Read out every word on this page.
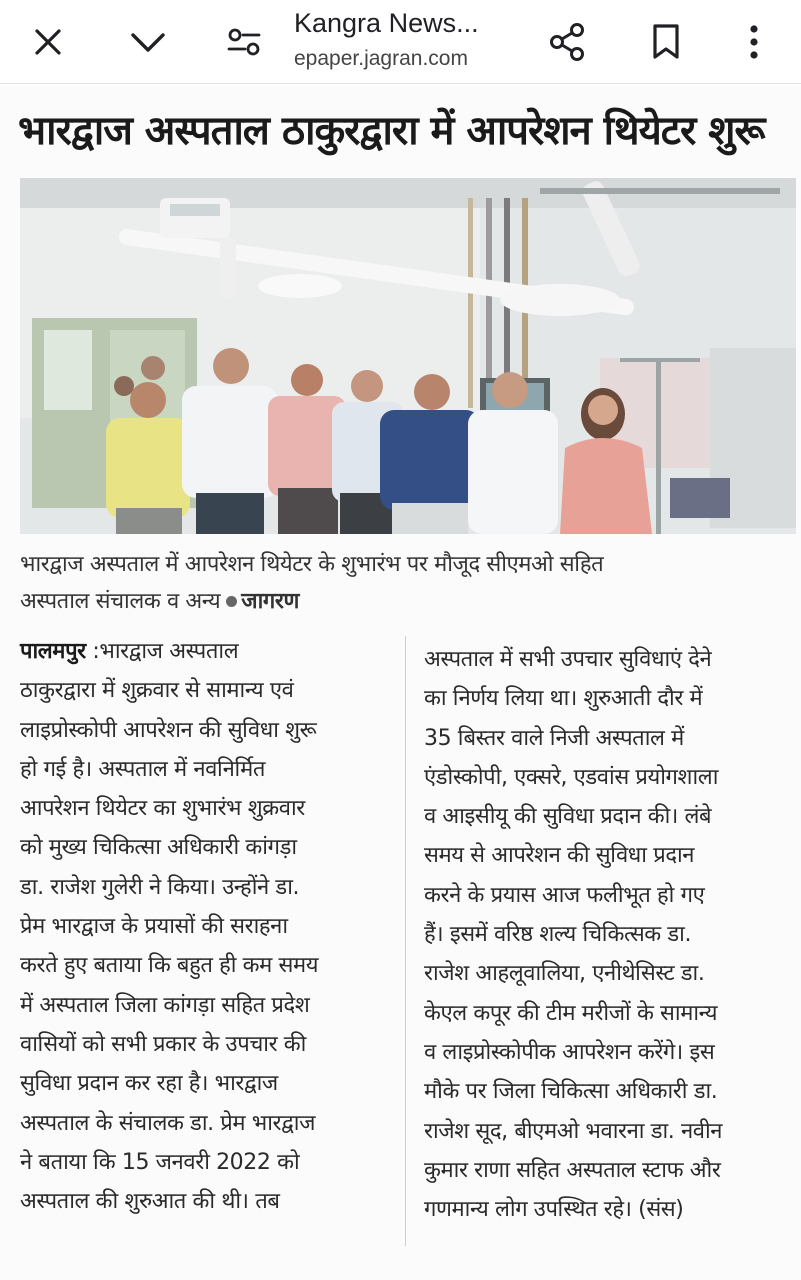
Kangra News...
epaper.jagran.com
भारद्वाज अस्पताल ठाकुरद्वारा में आपरेशन थियेटर शुरू
भारद्वाज अस्पताल में आपरेशन थियेटर के शुभारंभ पर मौजूद सीएमओ सहित
अस्पताल संचालक व अन्य जागरण
पालमपुर :भारद्वाज अस्पताल
ठाकुरद्वारा में शुक्रवार से सामान्य एवं
लाइप्रोस्कोपी आपरेशन की सुविधा शुरू
हो गई है। अस्पताल में नवनिर्मित
आपरेशन थियेटर का शुभारंभ शुक्रवार
को मुख्य चिकित्सा अधिकारी कांगड़ा
डा. राजेश गुलेरी ने किया। उन्होंने डा.
प्रेम भारद्वाज के प्रयासों की सराहना
करते हुए बताया कि बहुत ही कम समय
में अस्पताल जिला कांगड़ा सहित प्रदेश
वासियों को सभी प्रकार के उपचार की
सुविधा प्रदान कर रहा है। भारद्वाज
अस्पताल के संचालक डा. प्रेम भारद्वाज
ने बताया कि 15 जनवरी 2022 को
अस्पताल की शुरुआत की थी। तब
अस्पताल में सभी उपचार सुविधाएं देने
का निर्णय लिया था। शुरुआती दौर में
35 बिस्तर वाले निजी अस्पताल में
एंडोस्कोपी, एक्सरे, एडवांस प्रयोगशाला
व आइसीयू की सुविधा प्रदान की। लंबे
समय से आपरेशन की सुविधा प्रदान
करने के प्रयास आज फलीभूत हो गए
हैं। इसमें वरिष्ठ शल्य चिकित्सक डा.
राजेश आहलूवालिया, एनीथेसिस्ट डा.
केएल कपूर की टीम मरीजों के सामान्य
व लाइप्रोस्कोपीक आपरेशन करेंगे। इस
मौके पर जिला चिकित्सा अधिकारी डा.
राजेश सूद, बीएमओ भवारना डा. नवीन
कुमार राणा सहित अस्पताल स्टाफ और
गणमान्य लोग उपस्थित रहे। (संस)
